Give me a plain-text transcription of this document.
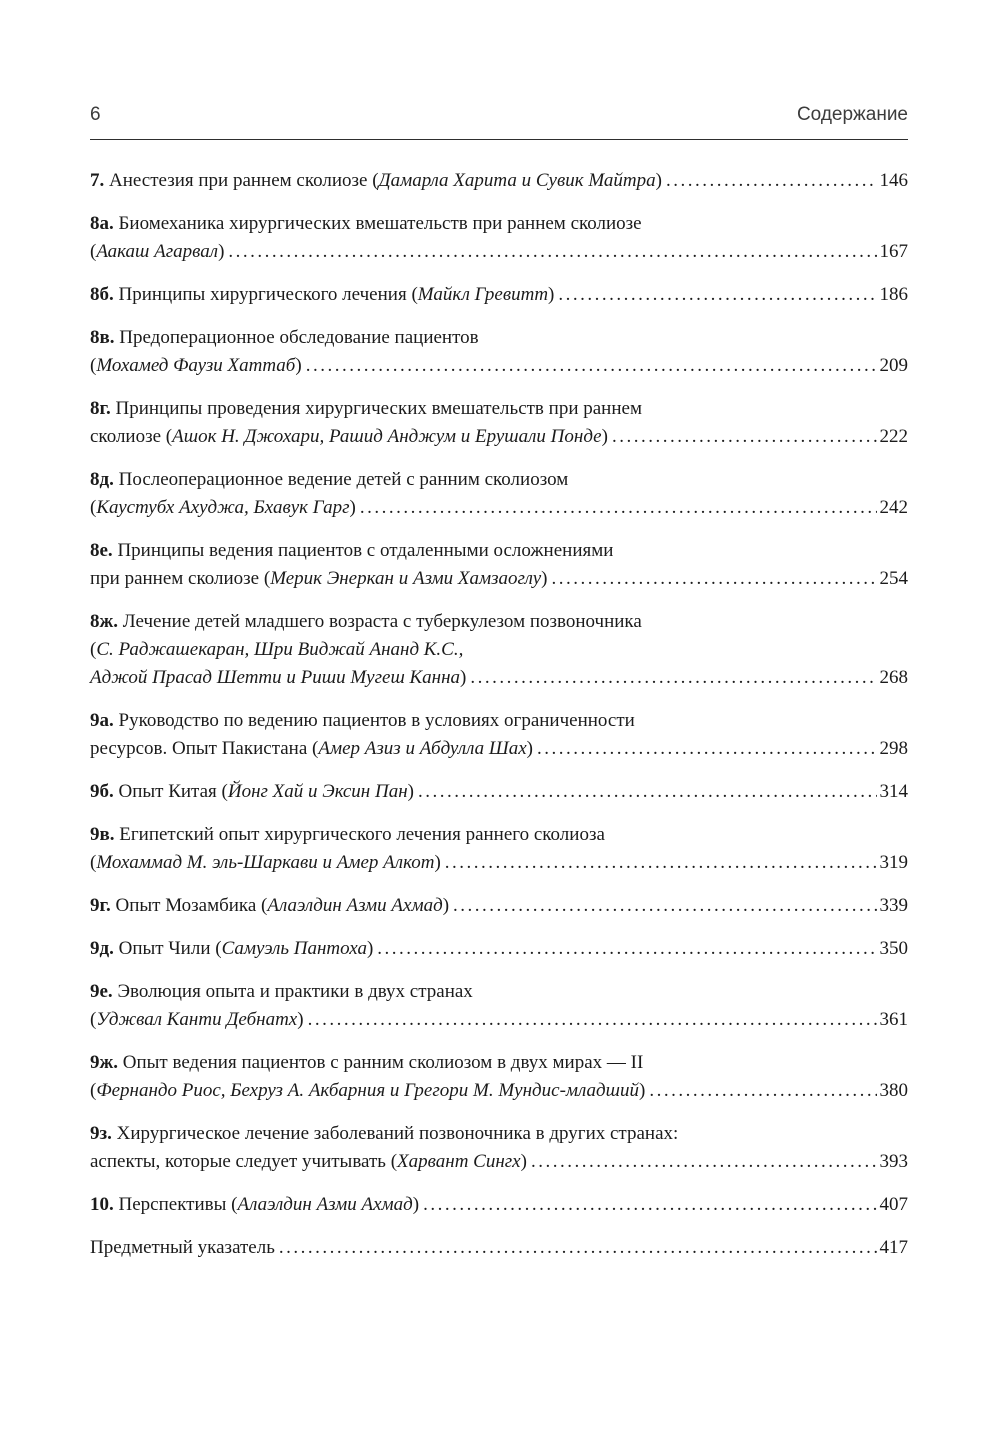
6	Содержание
7. Анестезия при раннем сколиозе (Дамарла Харита и Сувик Майтра) .....	146
8а. Биомеханика хирургических вмешательств при раннем сколиозе
(Аакаш Агарвал) .....	167
8б. Принципы хирургического лечения (Майкл Гревитт) .....	186
8в. Предоперационное обследование пациентов
(Мохамед Фаузи Хаттаб) .....	209
8г. Принципы проведения хирургических вмешательств при раннем
сколиозе (Ашок Н. Джохари, Рашид Анджум и Ерушали Понде) .....	222
8д. Послеоперационное ведение детей с ранним сколиозом
(Каустубх Ахуджа, Бхавук Гарг) .....	242
8е. Принципы ведения пациентов с отдаленными осложнениями
при раннем сколиозе (Мерик Энеркан и Азми Хамзаоглу) .....	254
8ж. Лечение детей младшего возраста с туберкулезом позвоночника
(С. Раджашекаран, Шри Виджай Ананд К.С.,
Аджой Прасад Шетти и Риши Мугеш Канна) .....	268
9а. Руководство по ведению пациентов в условиях ограниченности
ресурсов. Опыт Пакистана (Амер Азиз и Абдулла Шах) .....	298
9б. Опыт Китая (Йонг Хай и Эксин Пан) .....	314
9в. Египетский опыт хирургического лечения раннего сколиоза
(Мохаммад М. эль-Шаркави и Амер Алкот) .....	319
9г. Опыт Мозамбика (Алаэлдин Азми Ахмад) .....	339
9д. Опыт Чили (Самуэль Пантоха) .....	350
9е. Эволюция опыта и практики в двух странах
(Уджвал Канти Дебнатх) .....	361
9ж. Опыт ведения пациентов с ранним сколиозом в двух мирах — II
(Фернандо Риос, Бехруз А. Акбарния и Грегори М. Мундис-младший) .....	380
9з. Хирургическое лечение заболеваний позвоночника в других странах:
аспекты, которые следует учитывать (Харвант Сингх) .....	393
10. Перспективы (Алаэлдин Азми Ахмад) .....	407
Предметный указатель .....	417
